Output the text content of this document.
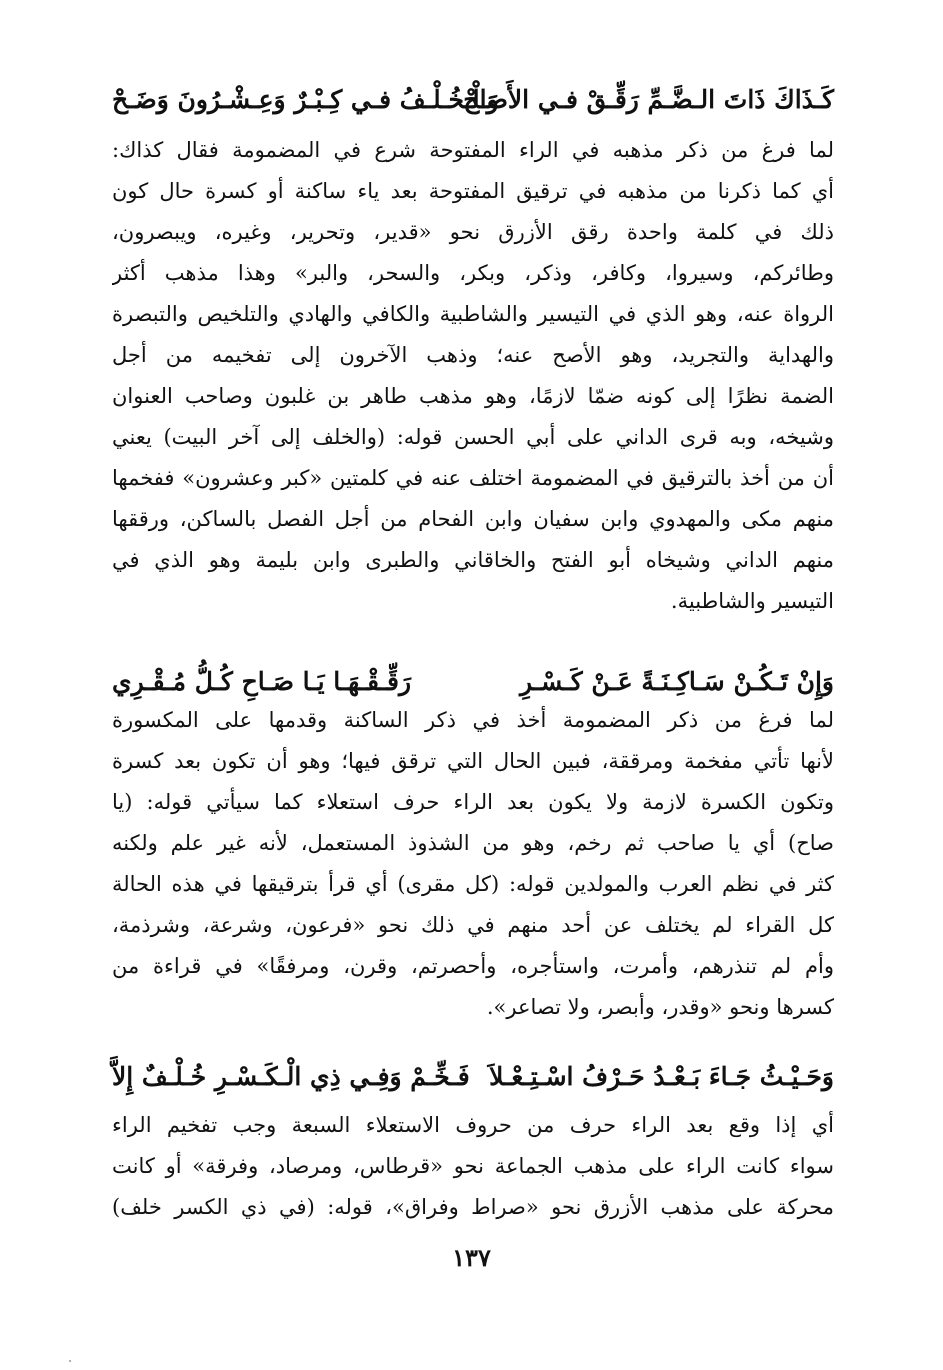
كَـذَاكَ ذَاتَ الـضَّـمِّ رَقِّـقْ فـي الأَصَـحْ
وَالْـخُـلْـفُ فـي كِـبْـرٌ وَعِـشْـرُونَ وَضَـحْ
لما فرغ من ذكر مذهبه في الراء المفتوحة شرع في المضمومة فقال كذاك:
أي كما ذكرنا من مذهبه في ترقيق المفتوحة بعد ياء ساكنة أو كسرة حال كون
ذلك في كلمة واحدة رقق الأزرق نحو «قدير، وتحرير، وغيره، ويبصرون،
وطائركم، وسيروا، وكافر، وذكر، وبكر، والسحر، والبر» وهذا مذهب أكثر
الرواة عنه، وهو الذي في التيسير والشاطبية والكافي والهادي والتلخيص والتبصرة
والهداية والتجريد، وهو الأصح عنه؛ وذهب الآخرون إلى تفخيمه من أجل
الضمة نظرًا إلى كونه ضمّا لازمًا، وهو مذهب طاهر بن غلبون وصاحب العنوان
وشيخه، وبه قرى الداني على أبي الحسن قوله: (والخلف إلى آخر البيت) يعني
أن من أخذ بالترقيق في المضمومة اختلف عنه في كلمتين «كبر وعشرون» ففخمها
منهم مكى والمهدوي وابن سفيان وابن الفحام من أجل الفصل بالساكن، ورققها
منهم الداني وشيخاه أبو الفتح والخاقاني والطبرى وابن بليمة وهو الذي في
التيسير والشاطبية.
وَإِنْ تَـكُـنْ سَـاكِـنَـةً عَـنْ كَـسْـرِ
رَقِّـقْـهَـا يَـا صَـاحِ كُـلُّ مُـقْـرِي
لما فرغ من ذكر المضمومة أخذ في ذكر الساكنة وقدمها على المكسورة
لأنها تأتي مفخمة ومرققة، فبين الحال التي ترقق فيها؛ وهو أن تكون بعد كسرة
وتكون الكسرة لازمة ولا يكون بعد الراء حرف استعلاء كما سيأتي قوله: (يا
صاح) أي يا صاحب ثم رخم، وهو من الشذوذ المستعمل، لأنه غير علم ولكنه
كثر في نظم العرب والمولدين قوله: (كل مقرى) أي قرأ بترقيقها في هذه الحالة
كل القراء لم يختلف عن أحد منهم في ذلك نحو «فرعون، وشرعة، وشرذمة،
وأم لم تنذرهم، وأمرت، واستأجره، وأحصرتم، وقرن، ومرفقًا» في قراءة من
كسرها ونحو «وقدر، وأبصر، ولا تصاعر».
وَحَـيْـثُ جَـاءَ بَـعْـدُ حَـرْفُ اسْـتِـعْـلاَ
فَـخِّـمْ وَفِـي ذِي الْـكَـسْـرِ خُـلْـفٌ إِلاَّ
أي إذا وقع بعد الراء حرف من حروف الاستعلاء السبعة وجب تفخيم الراء
سواء كانت الراء على مذهب الجماعة نحو «قرطاس، ومرصاد، وفرقة» أو كانت
محركة على مذهب الأزرق نحو «صراط وفراق»، قوله: (في ذي الكسر خلف)
١٣٧
